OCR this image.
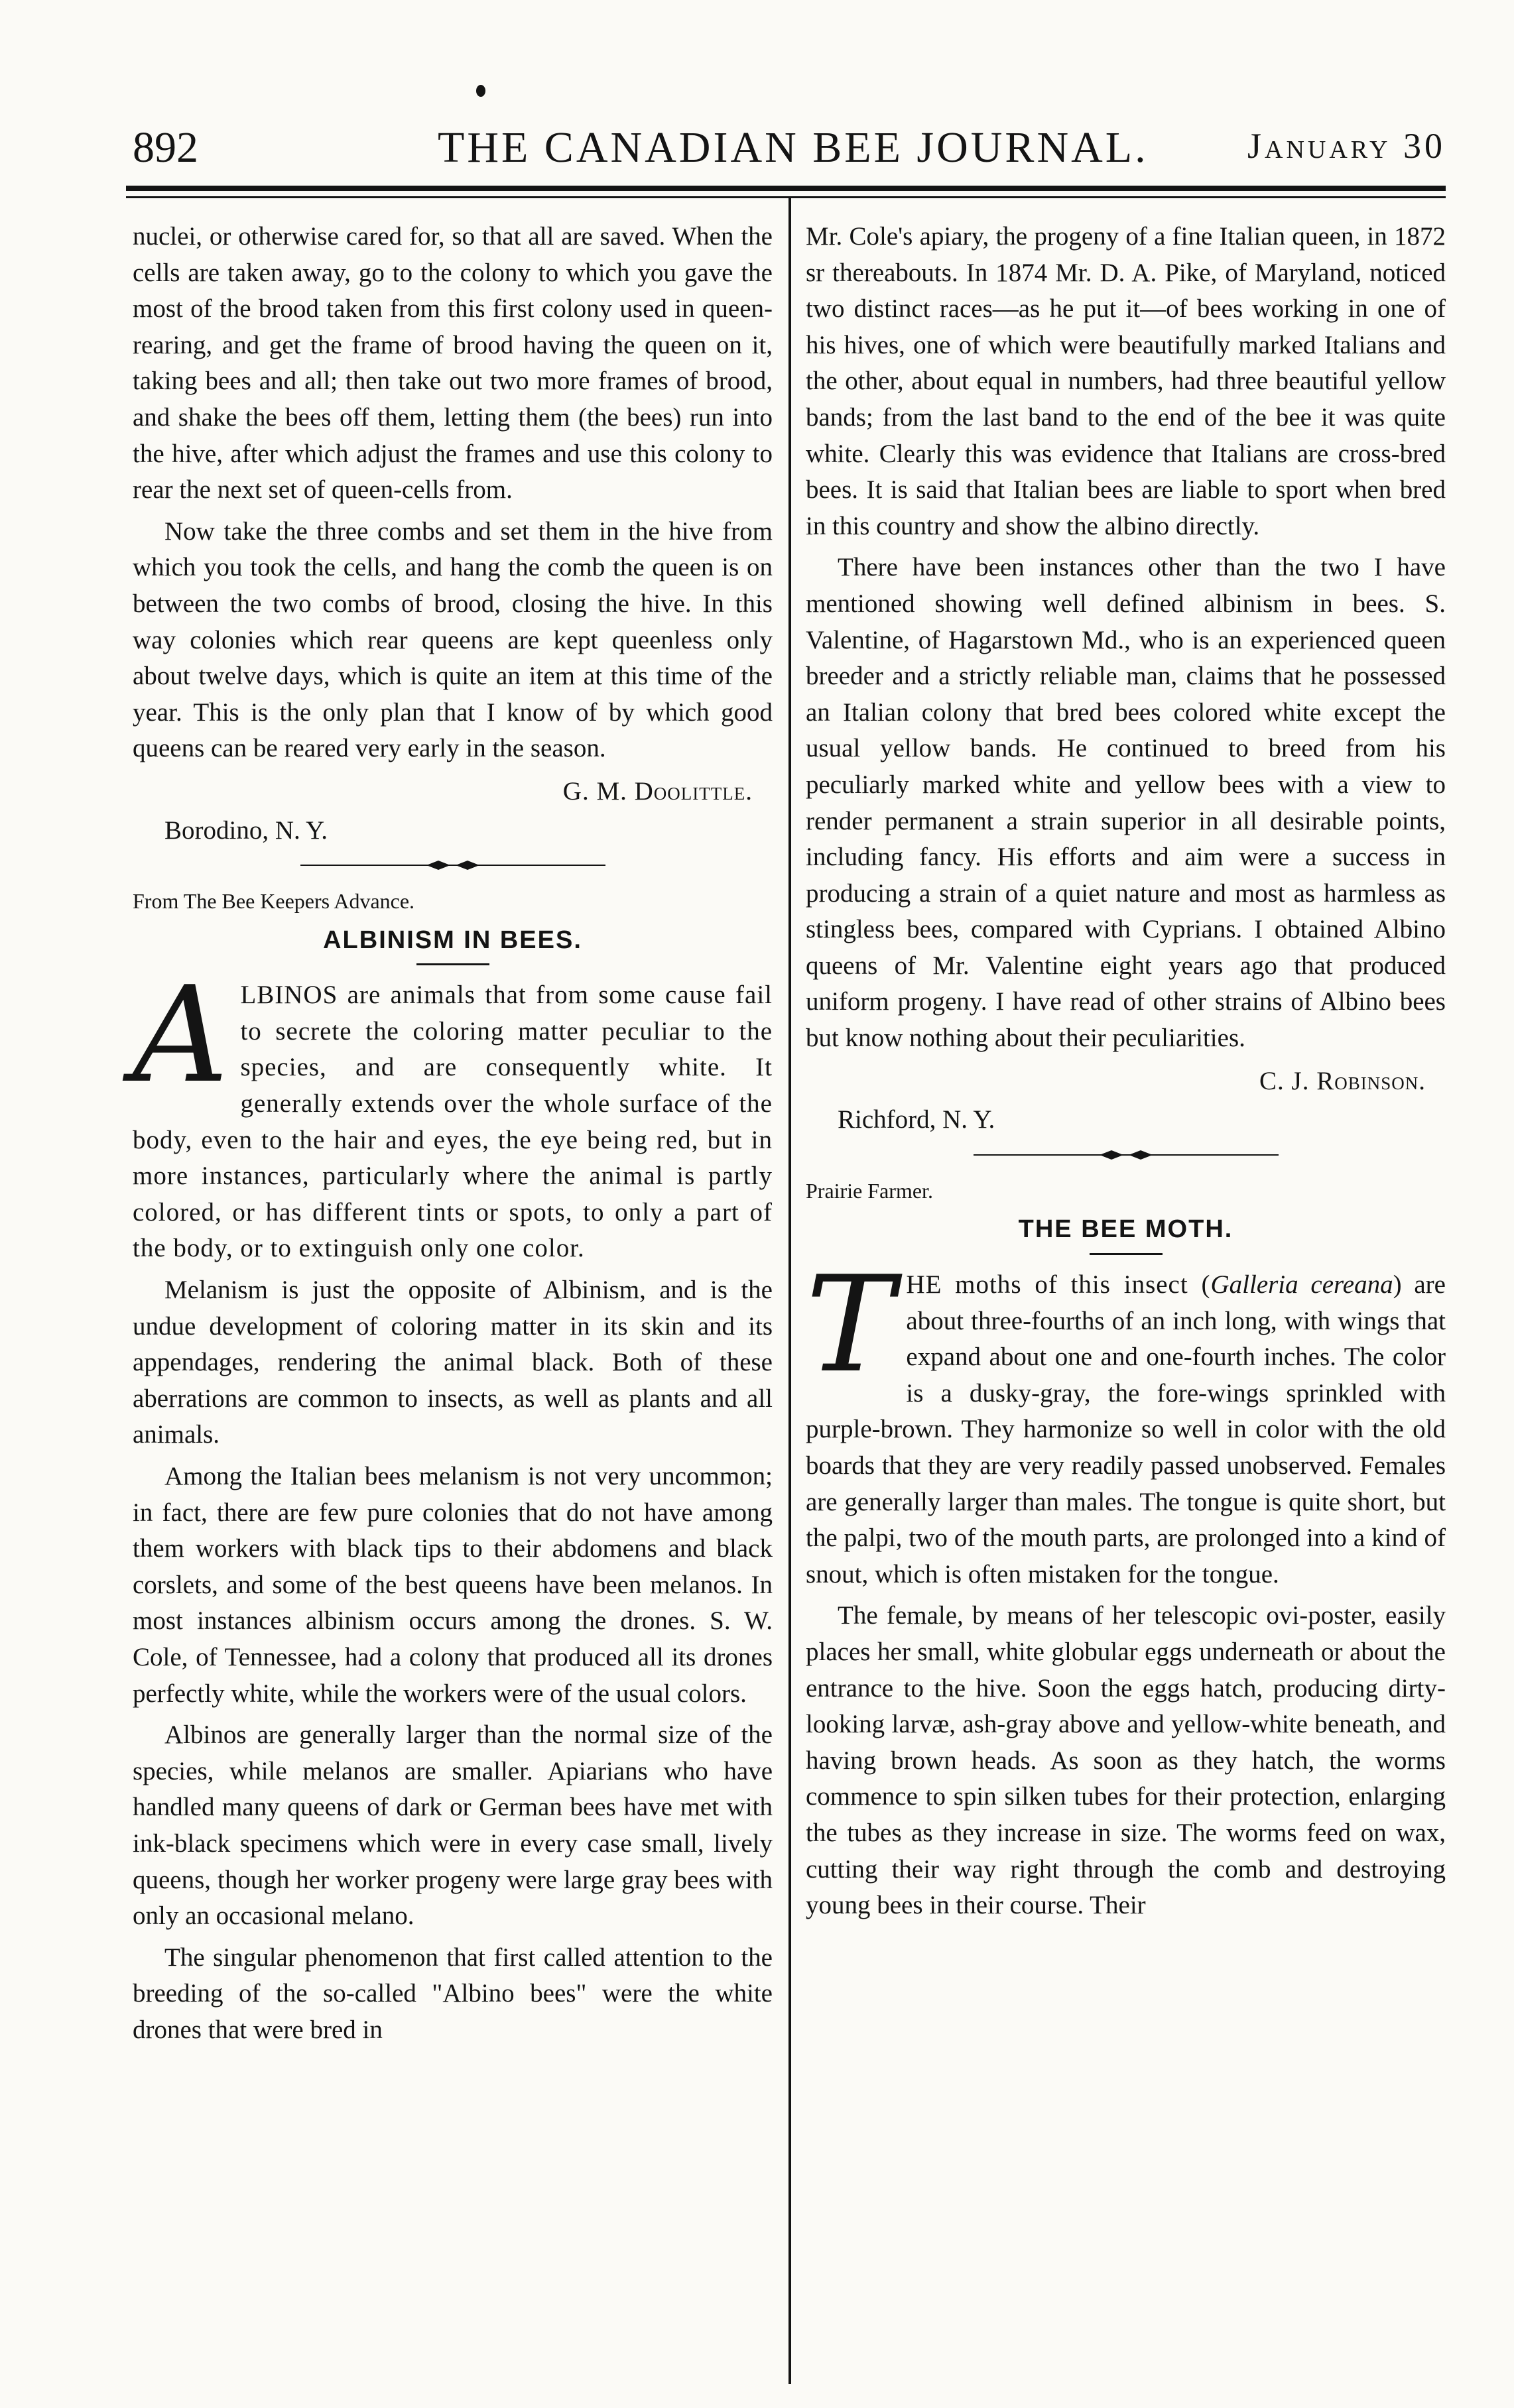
892	THE CANADIAN BEE JOURNAL.	January 30

nuclei, or otherwise cared for, so that all are saved. When the cells are taken away, go to the colony to which you gave the most of the brood taken from this first colony used in queen-rearing, and get the frame of brood having the queen on it, taking bees and all; then take out two more frames of brood, and shake the bees off them, letting them (the bees) run into the hive, after which adjust the frames and use this colony to rear the next set of queen-cells from.

Now take the three combs and set them in the hive from which you took the cells, and hang the comb the queen is on between the two combs of brood, closing the hive. In this way colonies which rear queens are kept queenless only about twelve days, which is quite an item at this time of the year. This is the only plan that I know of by which good queens can be reared very early in the season.

G. M. Doolittle.
Borodino, N. Y.
From The Bee Keepers Advance.
ALBINISM IN BEES.

ALBINOS are animals that from some cause fail to secrete the coloring matter peculiar to the species, and are consequently white. It generally extends over the whole surface of the body, even to the hair and eyes, the eye being red, but in more instances, particularly where the animal is partly colored, or has different tints or spots, to only a part of the body, or to extinguish only one color.

Melanism is just the opposite of Albinism, and is the undue development of coloring matter in its skin and its appendages, rendering the animal black. Both of these aberrations are common to insects, as well as plants and all animals.

Among the Italian bees melanism is not very uncommon; in fact, there are few pure colonies that do not have among them workers with black tips to their abdomens and black corslets, and some of the best queens have been melanos. In most instances albinism occurs among the drones. S. W. Cole, of Tennessee, had a colony that produced all its drones perfectly white, while the workers were of the usual colors.

Albinos are generally larger than the normal size of the species, while melanos are smaller. Apiarians who have handled many queens of dark or German bees have met with ink-black specimens which were in every case small, lively queens, though her worker progeny were large gray bees with only an occasional melano.

The singular phenomenon that first called attention to the breeding of the so-called "Albino bees" were the white drones that were bred in

Mr. Cole's apiary, the progeny of a fine Italian queen, in 1872 sr thereabouts. In 1874 Mr. D. A. Pike, of Maryland, noticed two distinct races—as he put it—of bees working in one of his hives, one of which were beautifully marked Italians and the other, about equal in numbers, had three beautiful yellow bands; from the last band to the end of the bee it was quite white. Clearly this was evidence that Italians are cross-bred bees. It is said that Italian bees are liable to sport when bred in this country and show the albino directly.

There have been instances other than the two I have mentioned showing well defined albinism in bees. S. Valentine, of Hagarstown Md., who is an experienced queen breeder and a strictly reliable man, claims that he possessed an Italian colony that bred bees colored white except the usual yellow bands. He continued to breed from his peculiarly marked white and yellow bees with a view to render permanent a strain superior in all desirable points, including fancy. His efforts and aim were a success in producing a strain of a quiet nature and most as harmless as stingless bees, compared with Cyprians. I obtained Albino queens of Mr. Valentine eight years ago that produced uniform progeny. I have read of other strains of Albino bees but know nothing about their peculiarities.

C. J. Robinson.
Richford, N. Y.
Prairie Farmer.
THE BEE MOTH.

THE moths of this insect (Galleria cereana) are about three-fourths of an inch long, with wings that expand about one and one-fourth inches. The color is a dusky-gray, the fore-wings sprinkled with purple-brown. They harmonize so well in color with the old boards that they are very readily passed unobserved. Females are generally larger than males. The tongue is quite short, but the palpi, two of the mouth parts, are prolonged into a kind of snout, which is often mistaken for the tongue.

The female, by means of her telescopic ovi-poster, easily places her small, white globular eggs underneath or about the entrance to the hive. Soon the eggs hatch, producing dirty-looking larvæ, ash-gray above and yellow-white beneath, and having brown heads. As soon as they hatch, the worms commence to spin silken tubes for their protection, enlarging the tubes as they increase in size. The worms feed on wax, cutting their way right through the comb and destroying young bees in their course. Their
